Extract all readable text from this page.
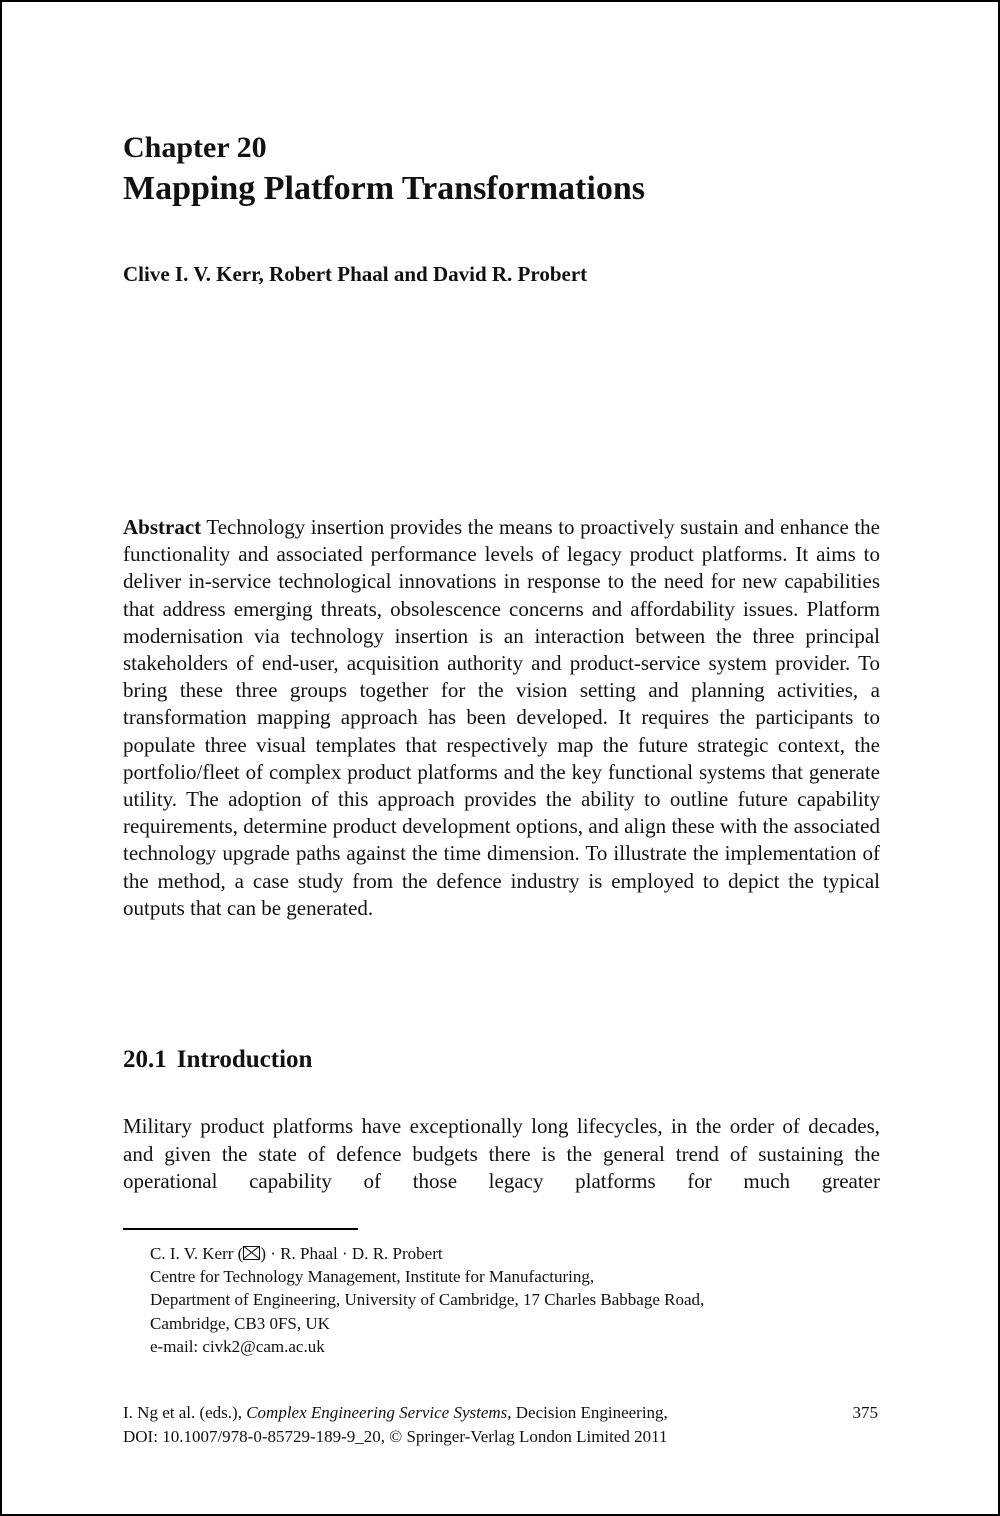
Chapter 20
Mapping Platform Transformations
Clive I. V. Kerr, Robert Phaal and David R. Probert
Abstract Technology insertion provides the means to proactively sustain and enhance the functionality and associated performance levels of legacy product platforms. It aims to deliver in-service technological innovations in response to the need for new capabilities that address emerging threats, obsolescence concerns and affordability issues. Platform modernisation via technology insertion is an interaction between the three principal stakeholders of end-user, acquisition authority and product-service system provider. To bring these three groups together for the vision setting and planning activities, a transformation mapping approach has been developed. It requires the participants to populate three visual templates that respectively map the future strategic context, the portfolio/fleet of complex product platforms and the key functional systems that generate utility. The adoption of this approach provides the ability to outline future capability requirements, determine product development options, and align these with the associated technology upgrade paths against the time dimension. To illustrate the implementation of the method, a case study from the defence industry is employed to depict the typical outputs that can be generated.
20.1 Introduction
Military product platforms have exceptionally long lifecycles, in the order of decades, and given the state of defence budgets there is the general trend of sustaining the operational capability of those legacy platforms for much greater
C. I. V. Kerr ( ) · R. Phaal · D. R. Probert
Centre for Technology Management, Institute for Manufacturing,
Department of Engineering, University of Cambridge, 17 Charles Babbage Road,
Cambridge, CB3 0FS, UK
e-mail: civk2@cam.ac.uk
I. Ng et al. (eds.), Complex Engineering Service Systems, Decision Engineering,
DOI: 10.1007/978-0-85729-189-9_20, © Springer-Verlag London Limited 2011
375
